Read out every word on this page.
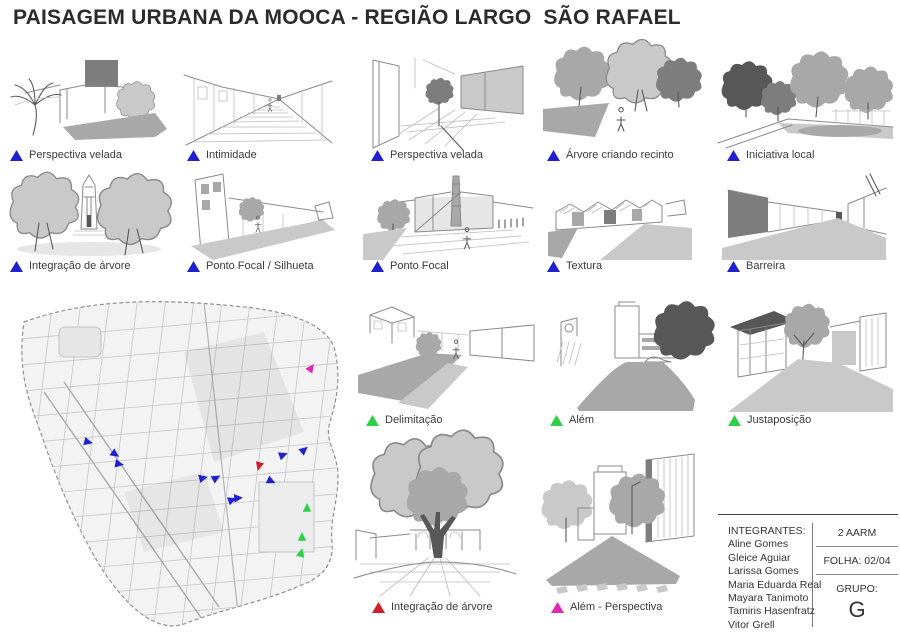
PAISAGEM URBANA DA MOOCA - REGIÃO LARGO  SÃO RAFAEL
Perspectiva velada	Intimidade	Perspectiva velada	Árvore criando recinto	Iniciativa local
Integração de árvore	Ponto Focal / Silhueta	Ponto Focal	Textura	Barreira
Delimitação	Além	Justaposição
Integração de árvore	Além - Perspectiva
INTEGRANTES:
Aline Gomes
Gleice Aguiar
Larissa Gomes
Maria Eduarda Real
Mayara Tanimoto
Tamiris Hasenfratz
Vitor Grell
2 AARM
FOLHA: 02/04
GRUPO:
G
